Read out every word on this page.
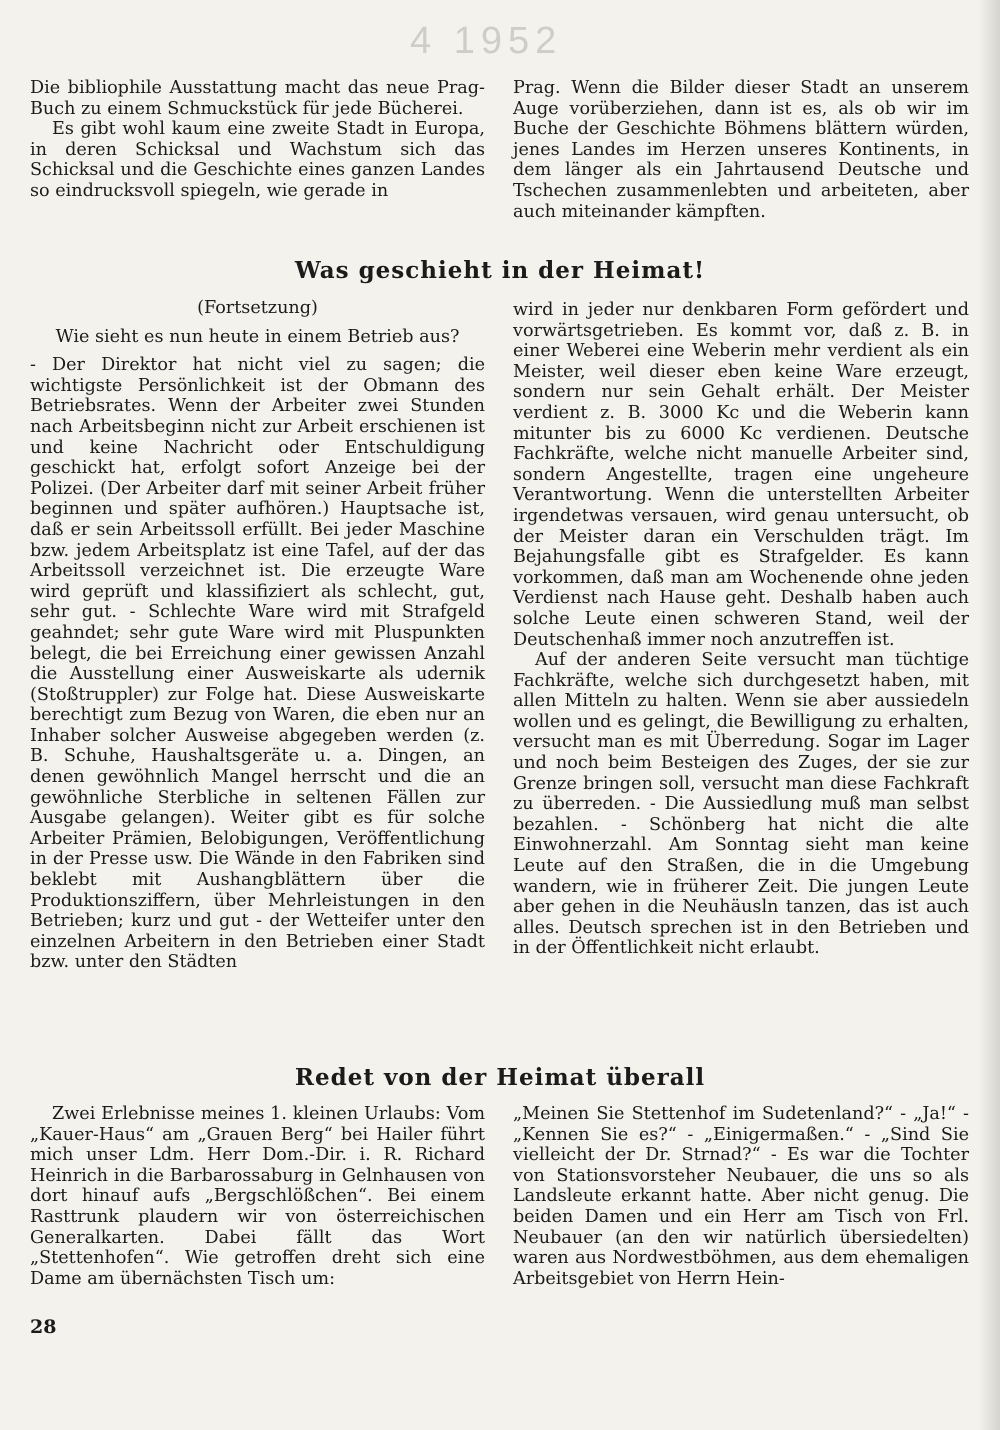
4 1952

Die bibliophile Ausstattung macht das neue Prag-Buch zu einem Schmuckstück für jede Bücherei.

Es gibt wohl kaum eine zweite Stadt in Europa, in deren Schicksal und Wachstum sich das Schicksal und die Geschichte eines ganzen Landes so eindrucksvoll spiegeln, wie gerade in

Prag. Wenn die Bilder dieser Stadt an unserem Auge vorüberziehen, dann ist es, als ob wir im Buche der Geschichte Böhmens blättern würden, jenes Landes im Herzen unseres Kontinents, in dem länger als ein Jahrtausend Deutsche und Tschechen zusammenlebten und arbeiteten, aber auch miteinander kämpften.

Was geschieht in der Heimat!

(Fortsetzung)

Wie sieht es nun heute in einem Betrieb aus?

- Der Direktor hat nicht viel zu sagen; die wichtigste Persönlichkeit ist der Obmann des Betriebsrates. Wenn der Arbeiter zwei Stunden nach Arbeitsbeginn nicht zur Arbeit erschienen ist und keine Nachricht oder Entschuldigung geschickt hat, erfolgt sofort Anzeige bei der Polizei. (Der Arbeiter darf mit seiner Arbeit früher beginnen und später aufhören.) Hauptsache ist, daß er sein Arbeitssoll erfüllt. Bei jeder Maschine bzw. jedem Arbeitsplatz ist eine Tafel, auf der das Arbeitssoll verzeichnet ist. Die erzeugte Ware wird geprüft und klassifiziert als schlecht, gut, sehr gut. - Schlechte Ware wird mit Strafgeld geahndet; sehr gute Ware wird mit Pluspunkten belegt, die bei Erreichung einer gewissen Anzahl die Ausstellung einer Ausweiskarte als udernik (Stoßtruppler) zur Folge hat. Diese Ausweiskarte berechtigt zum Bezug von Waren, die eben nur an Inhaber solcher Ausweise abgegeben werden (z. B. Schuhe, Haushaltsgeräte u. a. Dingen, an denen gewöhnlich Mangel herrscht und die an gewöhnliche Sterbliche in seltenen Fällen zur Ausgabe gelangen). Weiter gibt es für solche Arbeiter Prämien, Belobigungen, Veröffentlichung in der Presse usw. Die Wände in den Fabriken sind beklebt mit Aushangblättern über die Produktionsziffern, über Mehrleistungen in den Betrieben; kurz und gut - der Wetteifer unter den einzelnen Arbeitern in den Betrieben einer Stadt bzw. unter den Städten

wird in jeder nur denkbaren Form gefördert und vorwärtsgetrieben. Es kommt vor, daß z. B. in einer Weberei eine Weberin mehr verdient als ein Meister, weil dieser eben keine Ware erzeugt, sondern nur sein Gehalt erhält. Der Meister verdient z. B. 3000 Kc und die Weberin kann mitunter bis zu 6000 Kc verdienen. Deutsche Fachkräfte, welche nicht manuelle Arbeiter sind, sondern Angestellte, tragen eine ungeheure Verantwortung. Wenn die unterstellten Arbeiter irgendetwas versauen, wird genau untersucht, ob der Meister daran ein Verschulden trägt. Im Bejahungsfalle gibt es Strafgelder. Es kann vorkommen, daß man am Wochenende ohne jeden Verdienst nach Hause geht. Deshalb haben auch solche Leute einen schweren Stand, weil der Deutschenhaß immer noch anzutreffen ist.

Auf der anderen Seite versucht man tüchtige Fachkräfte, welche sich durchgesetzt haben, mit allen Mitteln zu halten. Wenn sie aber aussiedeln wollen und es gelingt, die Bewilligung zu erhalten, versucht man es mit Überredung. Sogar im Lager und noch beim Besteigen des Zuges, der sie zur Grenze bringen soll, versucht man diese Fachkraft zu überreden. - Die Aussiedlung muß man selbst bezahlen. - Schönberg hat nicht die alte Einwohnerzahl. Am Sonntag sieht man keine Leute auf den Straßen, die in die Umgebung wandern, wie in früherer Zeit. Die jungen Leute aber gehen in die Neuhäusln tanzen, das ist auch alles. Deutsch sprechen ist in den Betrieben und in der Öffentlichkeit nicht erlaubt.

Redet von der Heimat überall

Zwei Erlebnisse meines 1. kleinen Urlaubs: Vom „Kauer-Haus“ am „Grauen Berg“ bei Hailer führt mich unser Ldm. Herr Dom.-Dir. i. R. Richard Heinrich in die Barbarossaburg in Gelnhausen von dort hinauf aufs „Bergschlößchen“. Bei einem Rasttrunk plaudern wir von österreichischen Generalkarten. Dabei fällt das Wort „Stettenhofen“. Wie getroffen dreht sich eine Dame am übernächsten Tisch um:

„Meinen Sie Stettenhof im Sudetenland?“ - „Ja!“ - „Kennen Sie es?“ - „Einigermaßen.“ - „Sind Sie vielleicht der Dr. Strnad?“ - Es war die Tochter von Stationsvorsteher Neubauer, die uns so als Landsleute erkannt hatte. Aber nicht genug. Die beiden Damen und ein Herr am Tisch von Frl. Neubauer (an den wir natürlich übersiedelten) waren aus Nordwestböhmen, aus dem ehemaligen Arbeitsgebiet von Herrn Hein-

28
